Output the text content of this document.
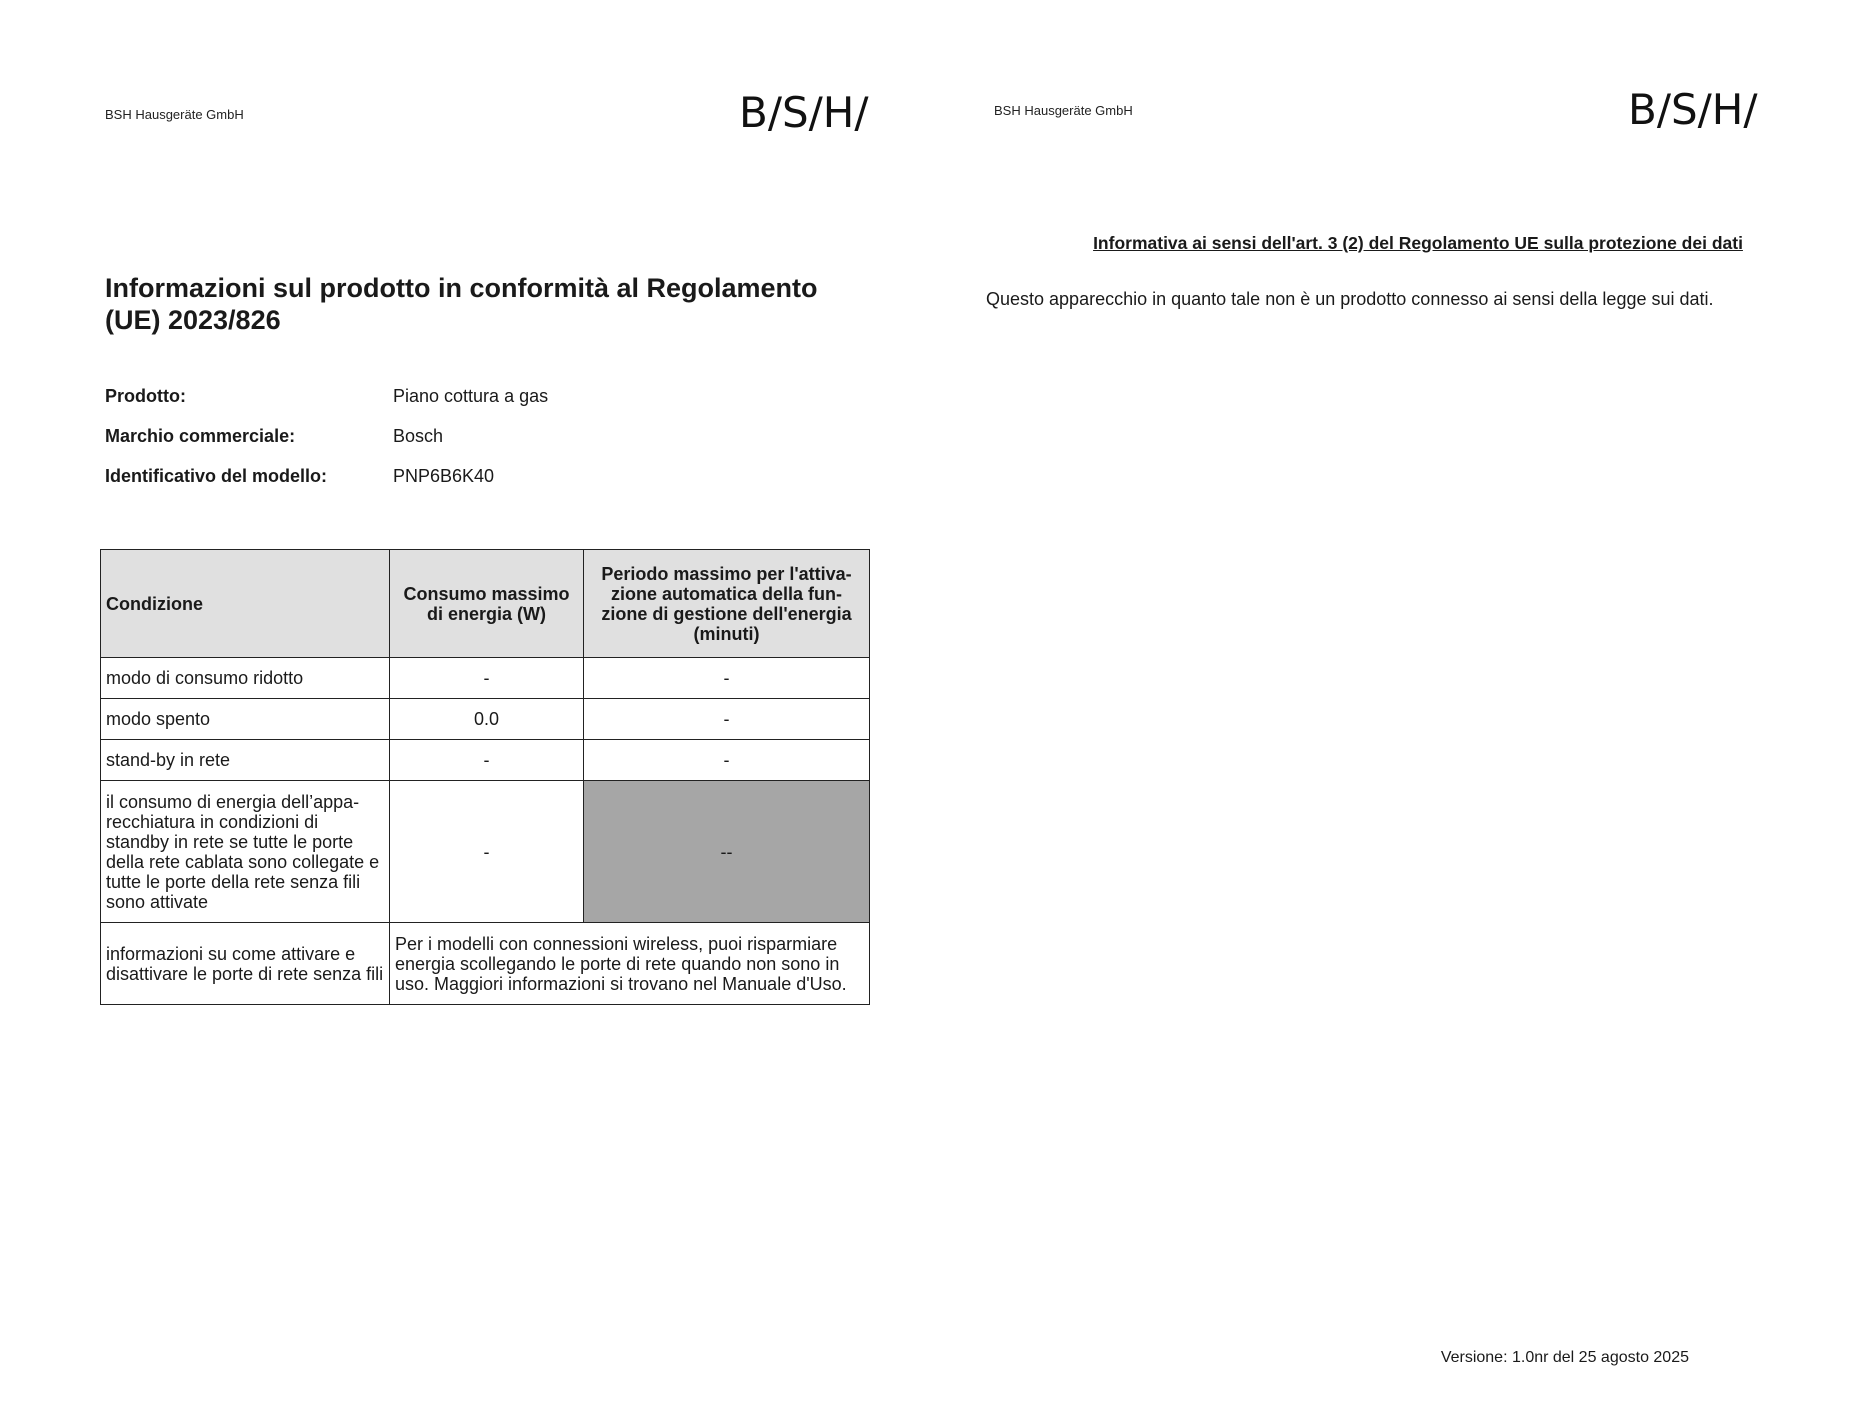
BSH Hausgeräte GmbH	B/S/H/
Informazioni sul prodotto in conformità al Regolamento (UE) 2023/826
Prodotto:	Piano cottura a gas
Marchio commerciale:	Bosch
Identificativo del modello:	PNP6B6K40
Condizione	Consumo massimo di energia (W)	Periodo massimo per l'attiva-zione automatica della fun-zione di gestione dell'energia (minuti)
modo di consumo ridotto	-	-
modo spento	0.0	-
stand-by in rete	-	-
il consumo di energia dell’appa-recchiatura in condizioni di standby in rete se tutte le porte della rete cablata sono collegate e tutte le porte della rete senza fili sono attivate	-	--
informazioni su come attivare e disattivare le porte di rete senza fili	Per i modelli con connessioni wireless, puoi risparmiare energia scollegando le porte di rete quando non sono in uso. Maggiori informazioni si trovano nel Manuale d'Uso.	
BSH Hausgeräte GmbH	B/S/H/
Informativa ai sensi dell'art. 3 (2) del Regolamento UE sulla protezione dei dati

Questo apparecchio in quanto tale non è un prodotto connesso ai sensi della legge sui dati.

Versione: 1.0nr del 25 agosto 2025
